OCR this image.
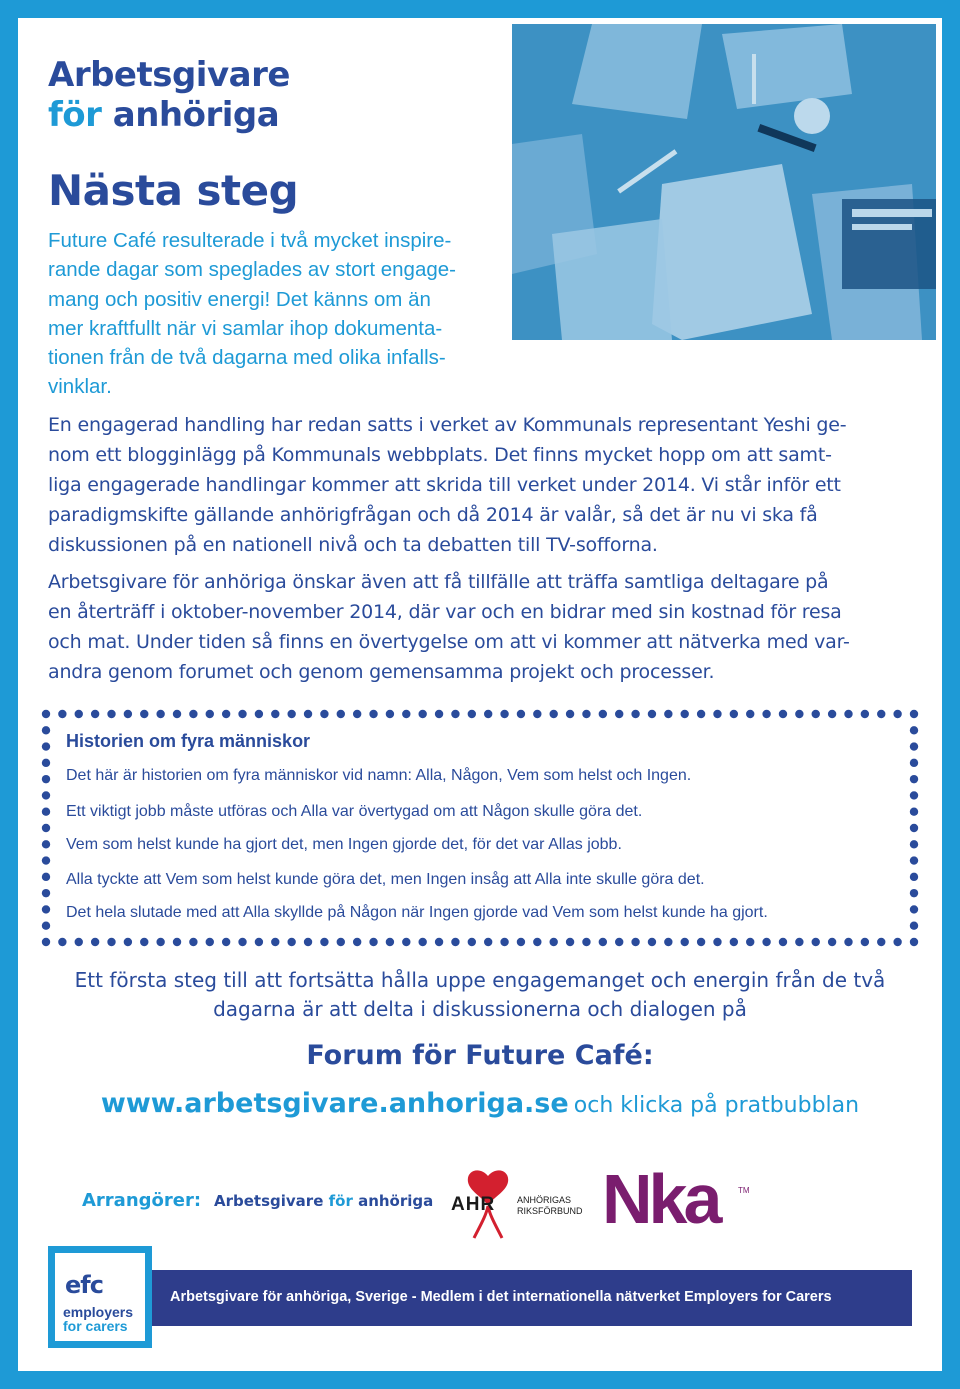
Arbetsgivare
för anhöriga
Nästa steg
Future Café resulterade i två mycket inspire-
rande dagar som speglades av stort engage-
mang och positiv energi! Det känns om än
mer kraftfullt när vi samlar ihop dokumenta-
tionen från de två dagarna med olika infalls-
vinklar.
En engagerad handling har redan satts i verket av Kommunals representant Yeshi ge-
nom ett blogginlägg på Kommunals webbplats. Det finns mycket hopp om att samt-
liga engagerade handlingar kommer att skrida till verket under 2014. Vi står inför ett
paradigmskifte gällande anhörigfrågan och då 2014 är valår, så det är nu vi ska få
diskussionen på en nationell nivå och ta debatten till TV-sofforna.
Arbetsgivare för anhöriga önskar även att få tillfälle att träffa samtliga deltagare på
en återträff i oktober-november 2014, där var och en bidrar med sin kostnad för resa
och mat. Under tiden så finns en övertygelse om att vi kommer att nätverka med var-
andra genom forumet och genom gemensamma projekt och processer.
Historien om fyra människor
Det här är historien om fyra människor vid namn: Alla, Någon, Vem som helst och Ingen.
Ett viktigt jobb måste utföras och Alla var övertygad om att Någon skulle göra det.
Vem som helst kunde ha gjort det, men Ingen gjorde det, för det var Allas jobb.
Alla tyckte att Vem som helst kunde göra det, men Ingen insåg att Alla inte skulle göra det.
Det hela slutade med att Alla skyllde på Någon när Ingen gjorde vad Vem som helst kunde ha gjort.
Ett första steg till att fortsätta hålla uppe engagemanget och energin från de två
dagarna är att delta i diskussionerna och dialogen på
Forum för Future Café:
www.arbetsgivare.anhoriga.se och klicka på pratbubblan
Arrangörer: Arbetsgivare för anhöriga AHR ANHÖRIGAS
RIKSFÖRBUND Nka TM
efc
employers
for carers
Arbetsgivare för anhöriga, Sverige - Medlem i det internationella nätverket Employers for Carers
